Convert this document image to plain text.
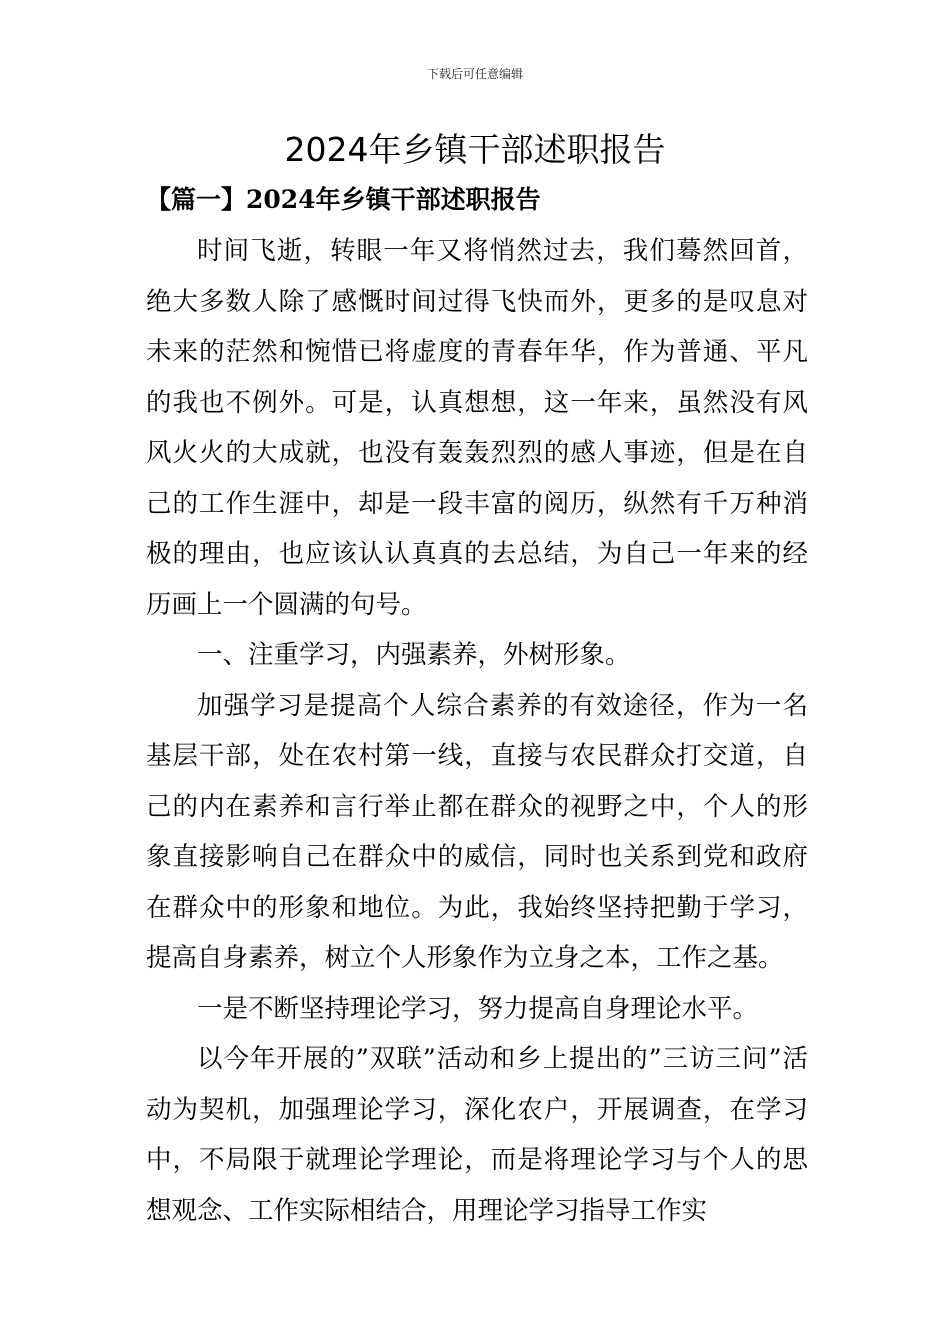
下载后可任意编辑
2024年乡镇干部述职报告
【篇一】2024年乡镇干部述职报告

时间飞逝，转眼一年又将悄然过去，我们蓦然回首，绝大多数人除了感慨时间过得飞快而外，更多的是叹息对未来的茫然和惋惜已将虚度的青春年华，作为普通、平凡的我也不例外。可是，认真想想，这一年来，虽然没有风风火火的大成就，也没有轰轰烈烈的感人事迹，但是在自己的工作生涯中，却是一段丰富的阅历，纵然有千万种消极的理由，也应该认认真真的去总结，为自己一年来的经历画上一个圆满的句号。

一、注重学习，内强素养，外树形象。

加强学习是提高个人综合素养的有效途径，作为一名基层干部，处在农村第一线，直接与农民群众打交道，自己的内在素养和言行举止都在群众的视野之中，个人的形象直接影响自己在群众中的威信，同时也关系到党和政府在群众中的形象和地位。为此，我始终坚持把勤于学习，提高自身素养，树立个人形象作为立身之本，工作之基。

一是不断坚持理论学习，努力提高自身理论水平。

以今年开展的”双联”活动和乡上提出的”三访三问”活动为契机，加强理论学习，深化农户，开展调查，在学习中，不局限于就理论学理论，而是将理论学习与个人的思想观念、工作实际相结合，用理论学习指导工作实
